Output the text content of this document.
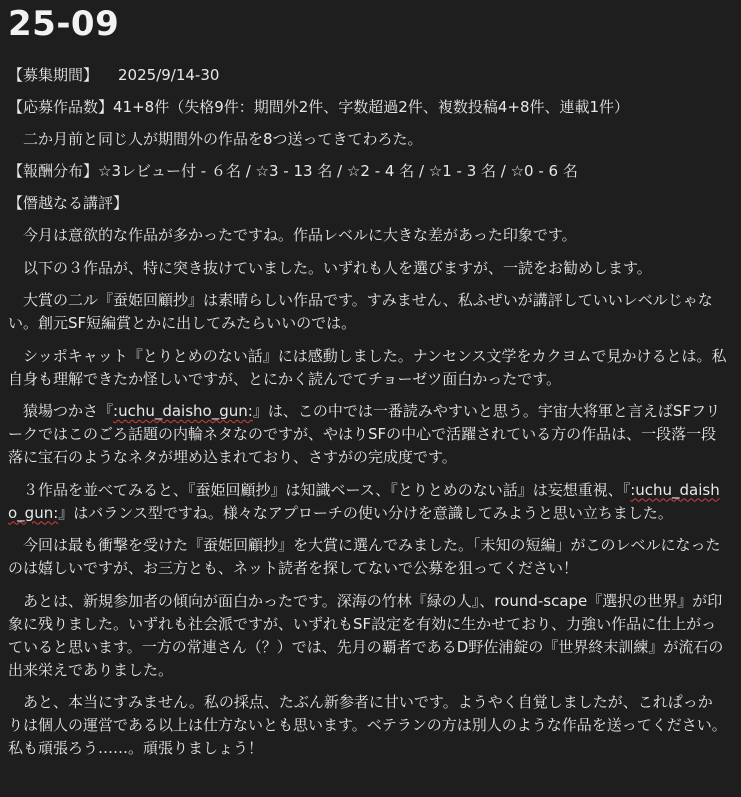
25-09

【募集期間】 2025/9/14-30

【応募作品数】41+8件（失格9件：期間外2件、字数超過2件、複数投稿4+8件、連載1件）

二か月前と同じ人が期間外の作品を8つ送ってきてわろた。

【報酬分布】☆3レビュー付 - ６名 / ☆3 - 13 名 / ☆2 - 4 名 / ☆1 - 3 名 / ☆0 - 6 名

【僭越なる講評】

今月は意欲的な作品が多かったですね。作品レベルに大きな差があった印象です。

以下の３作品が、特に突き抜けていました。いずれも人を選びますが、一読をお勧めします。

大賞の二ル『蚕姫回顧抄』は素晴らしい作品です。すみません、私ふぜいが講評していいレベルじゃない。創元SF短編賞とかに出してみたらいいのでは。

シッポキャット『とりとめのない話』には感動しました。ナンセンス文学をカクヨムで見かけるとは。私自身も理解できたか怪しいですが、とにかく読んでてチョーゼツ面白かったです。

猿場つかさ『:uchu_daisho_gun:』は、この中では一番読みやすいと思う。宇宙大将軍と言えばSFフリークではこのごろ話題の内輪ネタなのですが、やはりSFの中心で活躍されている方の作品は、一段落一段落に宝石のようなネタが埋め込まれており、さすがの完成度です。

３作品を並べてみると、『蚕姫回顧抄』は知識ベース、『とりとめのない話』は妄想重視、『:uchu_daisho_gun:』はバランス型ですね。様々なアプローチの使い分けを意識してみようと思い立ちました。

今回は最も衝撃を受けた『蚕姫回顧抄』を大賞に選んでみました。「未知の短編」がこのレベルになったのは嬉しいですが、お三方とも、ネット読者を探してないで公募を狙ってください！

あとは、新規参加者の傾向が面白かったです。深海の竹林『緑の人』、round-scape『選択の世界』が印象に残りました。いずれも社会派ですが、いずれもSF設定を有効に生かせており、力強い作品に仕上がっていると思います。一方の常連さん（？）では、先月の覇者であるD野佐浦錠の『世界終末訓練』が流石の出来栄えでありました。

あと、本当にすみません。私の採点、たぶん新参者に甘いです。ようやく自覚しましたが、これぱっかりは個人の運営である以上は仕方ないとも思います。ベテランの方は別人のような作品を送ってください。私も頑張ろう……。頑張りましょう！
